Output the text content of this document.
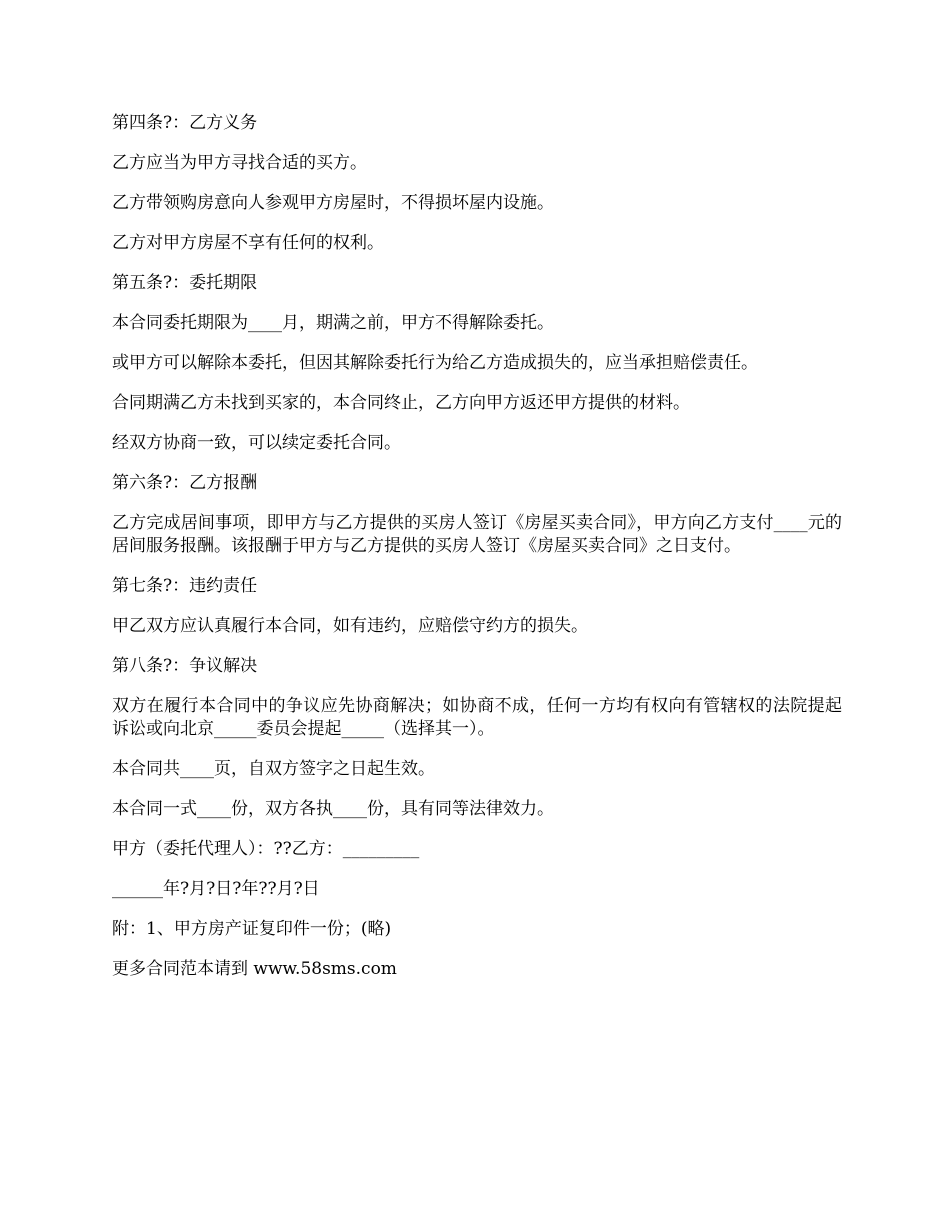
第四条?：乙方义务

乙方应当为甲方寻找合适的买方。

乙方带领购房意向人参观甲方房屋时，不得损坏屋内设施。

乙方对甲方房屋不享有任何的权利。

第五条?：委托期限

本合同委托期限为____月，期满之前，甲方不得解除委托。

或甲方可以解除本委托，但因其解除委托行为给乙方造成损失的，应当承担赔偿责任。

合同期满乙方未找到买家的，本合同终止，乙方向甲方返还甲方提供的材料。

经双方协商一致，可以续定委托合同。

第六条?：乙方报酬

乙方完成居间事项，即甲方与乙方提供的买房人签订《房屋买卖合同》，甲方向乙方支付____元的居间服务报酬。该报酬于甲方与乙方提供的买房人签订《房屋买卖合同》之日支付。

第七条?：违约责任

甲乙双方应认真履行本合同，如有违约，应赔偿守约方的损失。

第八条?：争议解决

双方在履行本合同中的争议应先协商解决；如协商不成，任何一方均有权向有管辖权的法院提起诉讼或向北京_____委员会提起_____（选择其一）。

本合同共____页，自双方签字之日起生效。

本合同一式____份，双方各执____份，具有同等法律效力。

甲方（委托代理人）：??乙方：_________

______年?月?日?年??月?日

附：1、甲方房产证复印件一份；(略)

更多合同范本请到 www.58sms.com
